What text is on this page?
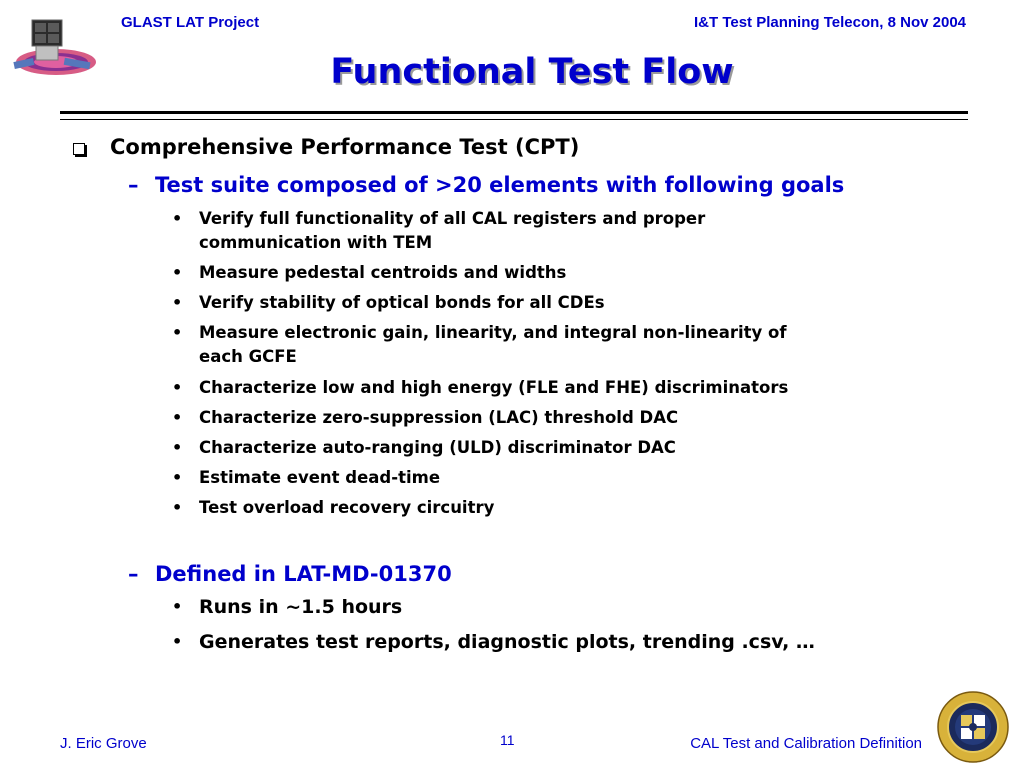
GLAST LAT Project	I&T Test Planning Telecon, 8 Nov 2004
Functional Test Flow
Comprehensive Performance Test (CPT)
– Test suite composed of >20 elements with following goals
• Verify full functionality of all CAL registers and proper
communication with TEM
• Measure pedestal centroids and widths
• Verify stability of optical bonds for all CDEs
• Measure electronic gain, linearity, and integral non-linearity of
each GCFE
• Characterize low and high energy (FLE and FHE) discriminators
• Characterize zero-suppression (LAC) threshold DAC
• Characterize auto-ranging (ULD) discriminator DAC
• Estimate event dead-time
• Test overload recovery circuitry
– Defined in LAT-MD-01370
• Runs in ~1.5 hours
• Generates test reports, diagnostic plots, trending .csv, …
J. Eric Grove	11	CAL Test and Calibration Definition
